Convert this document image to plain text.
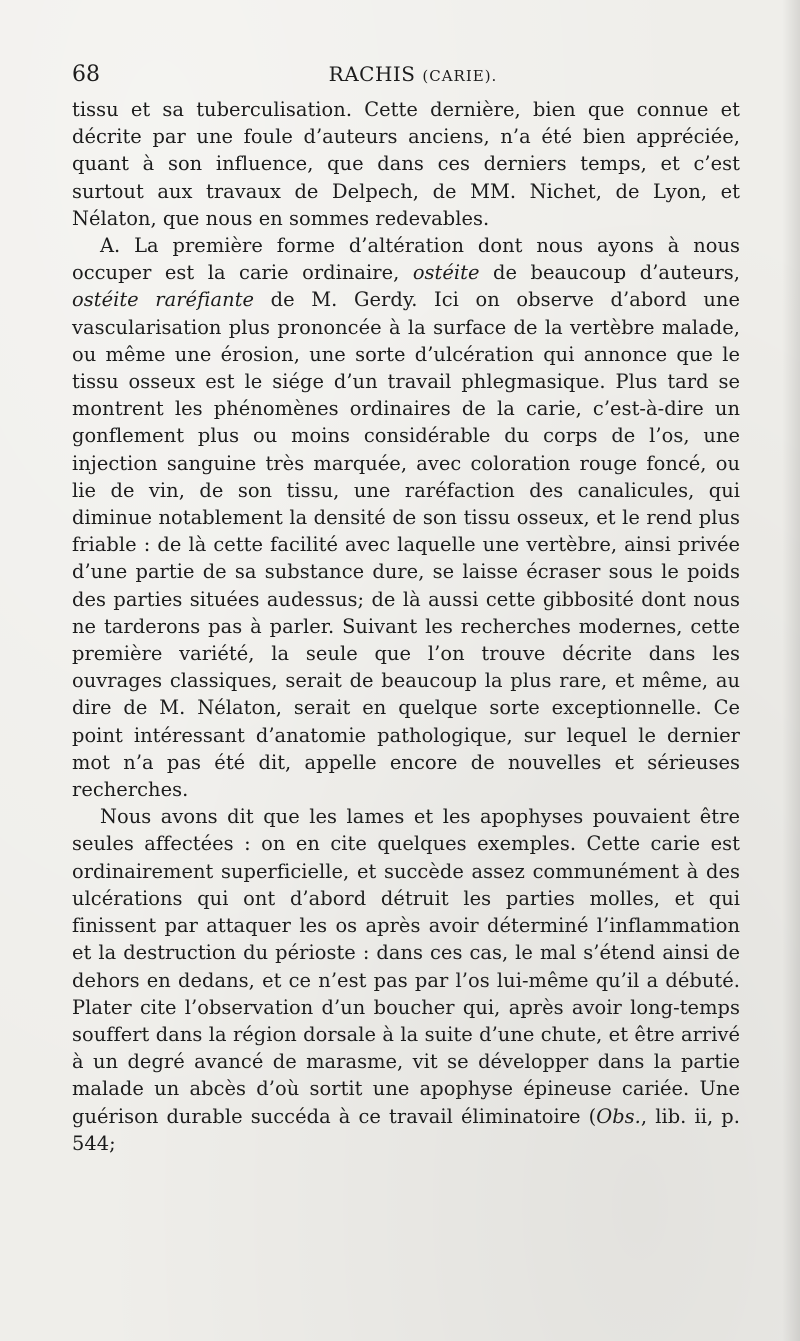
68	RACHIS (CARIE).

tissu et sa tuberculisation. Cette dernière, bien que connue et décrite par une foule d’auteurs anciens, n’a été bien appréciée, quant à son influence, que dans ces derniers temps, et c’est surtout aux travaux de Delpech, de MM. Nichet, de Lyon, et Nélaton, que nous en sommes redevables.

A. La première forme d’altération dont nous ayons à nous occuper est la carie ordinaire, ostéite de beaucoup d’auteurs, ostéite raréfiante de M. Gerdy. Ici on observe d’abord une vascularisation plus prononcée à la surface de la vertèbre malade, ou même une érosion, une sorte d’ulcération qui annonce que le tissu osseux est le siége d’un travail phlegmasique. Plus tard se montrent les phénomènes ordinaires de la carie, c’est-à-dire un gonflement plus ou moins considérable du corps de l’os, une injection sanguine très marquée, avec coloration rouge foncé, ou lie de vin, de son tissu, une raréfaction des canalicules, qui diminue notablement la densité de son tissu osseux, et le rend plus friable : de là cette facilité avec laquelle une vertèbre, ainsi privée d’une partie de sa substance dure, se laisse écraser sous le poids des parties situées audessus; de là aussi cette gibbosité dont nous ne tarderons pas à parler. Suivant les recherches modernes, cette première variété, la seule que l’on trouve décrite dans les ouvrages classiques, serait de beaucoup la plus rare, et même, au dire de M. Nélaton, serait en quelque sorte exceptionnelle. Ce point intéressant d’anatomie pathologique, sur lequel le dernier mot n’a pas été dit, appelle encore de nouvelles et sérieuses recherches.

Nous avons dit que les lames et les apophyses pouvaient être seules affectées : on en cite quelques exemples. Cette carie est ordinairement superficielle, et succède assez communément à des ulcérations qui ont d’abord détruit les parties molles, et qui finissent par attaquer les os après avoir déterminé l’inflammation et la destruction du périoste : dans ces cas, le mal s’étend ainsi de dehors en dedans, et ce n’est pas par l’os lui-même qu’il a débuté. Plater cite l’observation d’un boucher qui, après avoir long-temps souffert dans la région dorsale à la suite d’une chute, et être arrivé à un degré avancé de marasme, vit se développer dans la partie malade un abcès d’où sortit une apophyse épineuse cariée. Une guérison durable succéda à ce travail éliminatoire (Obs., lib. ii, p. 544;
